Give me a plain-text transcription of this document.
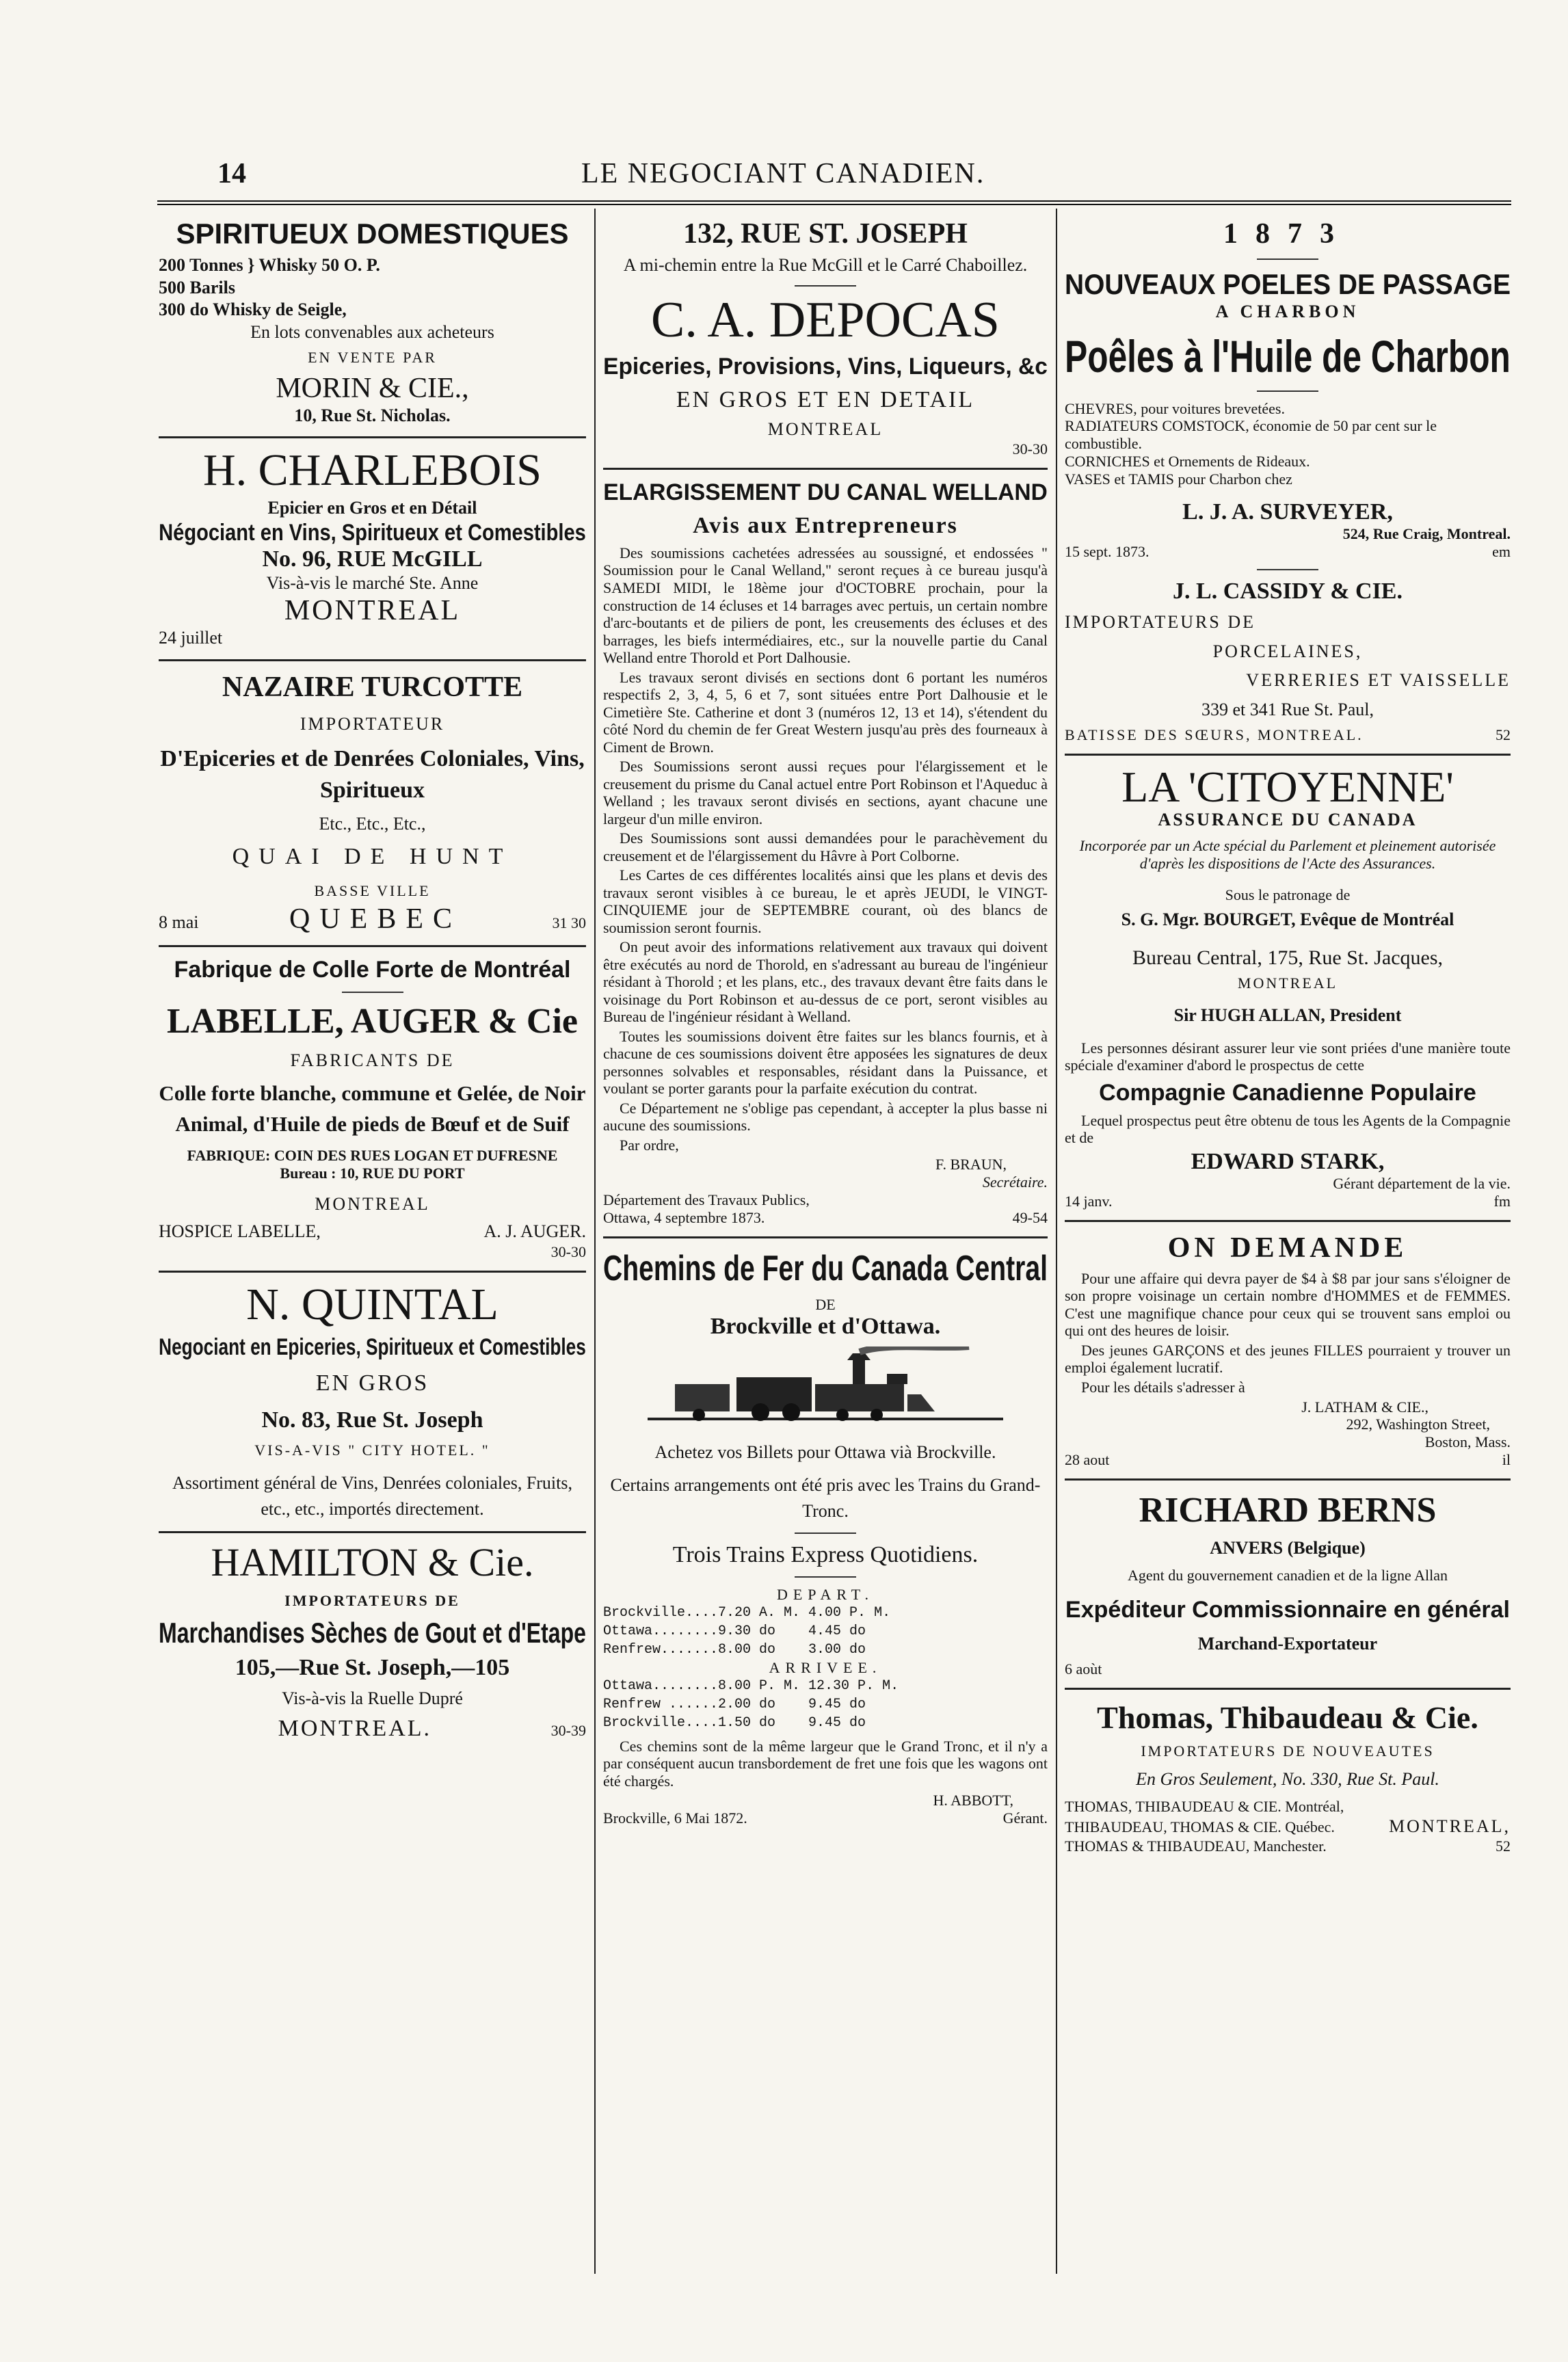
14	LE NEGOCIANT CANADIEN.
SPIRITUEUX DOMESTIQUES
200 Tonnes } Whisky 50 O. P.
500 Barils
300 do Whisky de Seigle,
En lots convenables aux acheteurs
EN VENTE PAR
MORIN & CIE.,
10, Rue St. Nicholas.
H. CHARLEBOIS
Epicier en Gros et en Détail
Négociant en Vins, Spiritueux et Comestibles
No. 96, RUE McGILL
Vis-à-vis le marché Ste. Anne
MONTREAL
24 juillet
NAZAIRE TURCOTTE
IMPORTATEUR
D'Epiceries et de Denrées Coloniales, Vins, Spiritueux
Etc., Etc., Etc.,
QUAI DE HUNT
BASSE VILLE
8 mai	QUEBEC	31 30
Fabrique de Colle Forte de Montréal
LABELLE, AUGER & Cie
FABRICANTS DE
Colle forte blanche, commune et Gelée, de Noir Animal, d'Huile de pieds de Bœuf et de Suif
FABRIQUE: COIN DES RUES LOGAN ET DUFRESNE
Bureau : 10, RUE DU PORT
MONTREAL
HOSPICE LABELLE,	A. J. AUGER.
30-30
N. QUINTAL
Negociant en Epiceries, Spiritueux et Comestibles
EN GROS
No. 83, Rue St. Joseph
VIS-A-VIS " CITY HOTEL. "
Assortiment général de Vins, Denrées coloniales, Fruits, etc., etc., importés directement.
HAMILTON & Cie.
IMPORTATEURS DE
Marchandises Sèches de Gout et d'Etape
105,—Rue St. Joseph,—105
Vis-à-vis la Ruelle Dupré
MONTREAL.	30-39
132, RUE ST. JOSEPH
A mi-chemin entre la Rue McGill et le Carré Chaboillez.
C. A. DEPOCAS
Epiceries, Provisions, Vins, Liqueurs, &c
EN GROS ET EN DETAIL
MONTREAL
30-30
ELARGISSEMENT DU CANAL WELLAND
Avis aux Entrepreneurs

Des soumissions cachetées adressées au soussigné, et endossées " Soumission pour le Canal Welland," seront reçues à ce bureau jusqu'à SAMEDI MIDI, le 18ème jour d'OCTOBRE prochain, pour la construction de 14 écluses et 14 barrages avec pertuis, un certain nombre d'arc-boutants et de piliers de pont, les creusements des écluses et des barrages, les biefs intermédiaires, etc., sur la nouvelle partie du Canal Welland entre Thorold et Port Dalhousie.

Les travaux seront divisés en sections dont 6 portant les numéros respectifs 2, 3, 4, 5, 6 et 7, sont situées entre Port Dalhousie et le Cimetière Ste. Catherine et dont 3 (numéros 12, 13 et 14), s'étendent du côté Nord du chemin de fer Great Western jusqu'au près des fourneaux à Ciment de Brown.

Des Soumissions seront aussi reçues pour l'élargissement et le creusement du prisme du Canal actuel entre Port Robinson et l'Aqueduc à Welland ; les travaux seront divisés en sections, ayant chacune une largeur d'un mille environ.

Des Soumissions sont aussi demandées pour le parachèvement du creusement et de l'élargissement du Hâvre à Port Colborne.

Les Cartes de ces différentes localités ainsi que les plans et devis des travaux seront visibles à ce bureau, le et après JEUDI, le VINGT-CINQUIEME jour de SEPTEMBRE courant, où des blancs de soumission seront fournis.

On peut avoir des informations relativement aux travaux qui doivent être exécutés au nord de Thorold, en s'adressant au bureau de l'ingénieur résidant à Thorold ; et les plans, etc., des travaux devant être faits dans le voisinage du Port Robinson et au-dessus de ce port, seront visibles au Bureau de l'ingénieur résidant à Welland.

Toutes les soumissions doivent être faites sur les blancs fournis, et à chacune de ces soumissions doivent être apposées les signatures de deux personnes solvables et responsables, résidant dans la Puissance, et voulant se porter garants pour la parfaite exécution du contrat.

Ce Département ne s'oblige pas cependant, à accepter la plus basse ni aucune des soumissions.

Par ordre,

F. BRAUN,
Secrétaire.
Département des Travaux Publics,
Ottawa, 4 septembre 1873.	49-54
Chemins de Fer du Canada Central
DE
Brockville et d'Ottawa.
Achetez vos Billets pour Ottawa vià Brockville.
Certains arrangements ont été pris avec les Trains du Grand-Tronc.
Trois Trains Express Quotidiens.
DEPART.
Brockville....7.20 A. M. 4.00 P. M.
Ottawa........9.30 do    4.45 do
Renfrew.......8.00 do    3.00 do
ARRIVEE.
Ottawa........8.00 P. M. 12.30 P. M.
Renfrew ......2.00 do    9.45 do
Brockville....1.50 do    9.45 do

Ces chemins sont de la même largeur que le Grand Tronc, et il n'y a par conséquent aucun transbordement de fret une fois que les wagons ont été chargés.

H. ABBOTT,
Brockville, 6 Mai 1872.	Gérant.
1873
NOUVEAUX POELES DE PASSAGE
A CHARBON
Poêles à l'Huile de Charbon
CHEVRES, pour voitures brevetées.
RADIATEURS COMSTOCK, économie de 50 par cent sur le combustible.
CORNICHES et Ornements de Rideaux.
VASES et TAMIS pour Charbon chez
L. J. A. SURVEYER,
524, Rue Craig, Montreal.
15 sept. 1873.	em
J. L. CASSIDY & CIE.
IMPORTATEURS DE
PORCELAINES,
VERRERIES ET VAISSELLE
339 et 341 Rue St. Paul,
BATISSE DES SŒURS, MONTREAL.	52
LA 'CITOYENNE'
ASSURANCE DU CANADA
Incorporée par un Acte spécial du Parlement et pleinement autorisée d'après les dispositions de l'Acte des Assurances.
Sous le patronage de
S. G. Mgr. BOURGET, Evêque de Montréal
Bureau Central, 175, Rue St. Jacques,
MONTREAL
Sir HUGH ALLAN, President

Les personnes désirant assurer leur vie sont priées d'une manière toute spéciale d'examiner d'abord le prospectus de cette

Compagnie Canadienne Populaire

Lequel prospectus peut être obtenu de tous les Agents de la Compagnie et de

EDWARD STARK,
Gérant département de la vie.
14 janv.	fm
ON DEMANDE

Pour une affaire qui devra payer de $4 à $8 par jour sans s'éloigner de son propre voisinage un certain nombre d'HOMMES et de FEMMES. C'est une magnifique chance pour ceux qui se trouvent sans emploi ou qui ont des heures de loisir.

Des jeunes GARÇONS et des jeunes FILLES pourraient y trouver un emploi également lucratif.

Pour les détails s'adresser à

J. LATHAM & CIE.,
292, Washington Street,
Boston, Mass.
28 aout	il
RICHARD BERNS
ANVERS (Belgique)
Agent du gouvernement canadien et de la ligne Allan
Expéditeur Commissionnaire en général
Marchand-Exportateur
6 aoùt
Thomas, Thibaudeau & Cie.
IMPORTATEURS DE NOUVEAUTES
En Gros Seulement, No. 330, Rue St. Paul.
THOMAS, THIBAUDEAU & CIE. Montréal,
THIBAUDEAU, THOMAS & CIE. Québec.	MONTREAL,
THOMAS & THIBAUDEAU, Manchester.	52
